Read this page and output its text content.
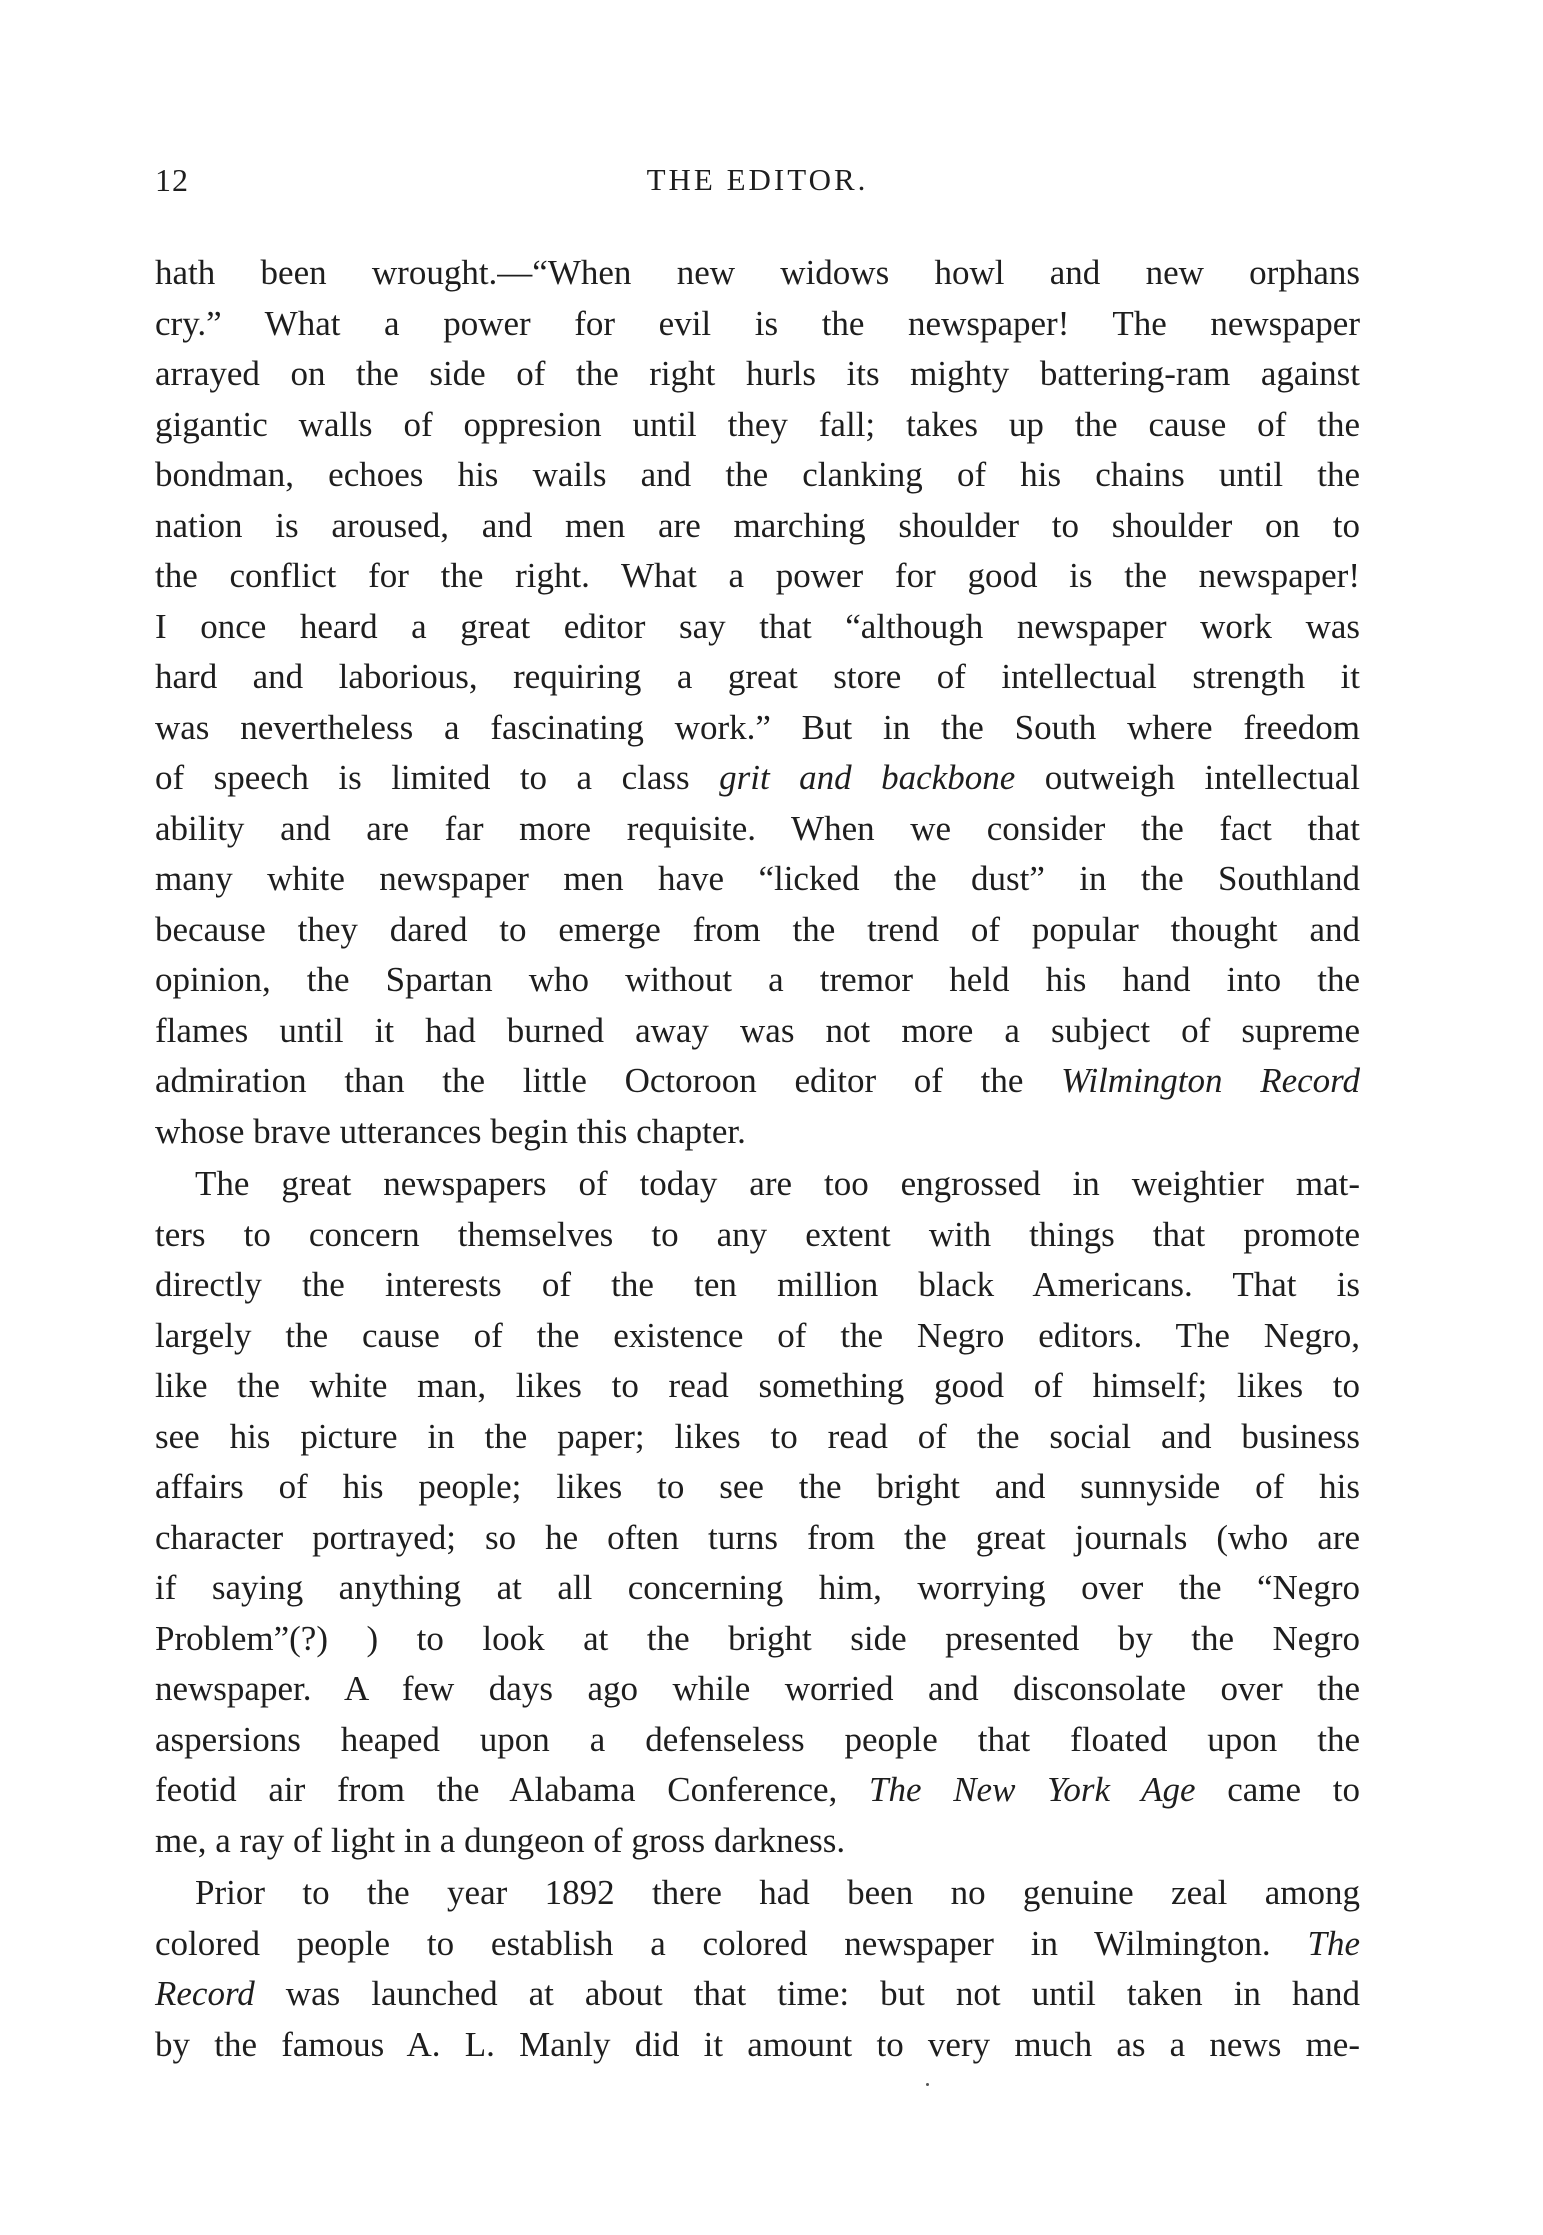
12	THE EDITOR.
hath been wrought.—“When new widows howl and new orphans
cry.” What a power for evil is the newspaper! The newspaper
arrayed on the side of the right hurls its mighty battering-ram against
gigantic walls of oppresion until they fall; takes up the cause of the
bondman, echoes his wails and the clanking of his chains until the
nation is aroused, and men are marching shoulder to shoulder on to
the conflict for the right. What a power for good is the newspaper!
I once heard a great editor say that “although newspaper work was
hard and laborious, requiring a great store of intellectual strength it
was nevertheless a fascinating work.” But in the South where freedom
of speech is limited to a class grit and backbone outweigh intellectual
ability and are far more requisite. When we consider the fact that
many white newspaper men have “licked the dust” in the Southland
because they dared to emerge from the trend of popular thought and
opinion, the Spartan who without a tremor held his hand into the
flames until it had burned away was not more a subject of supreme
admiration than the little Octoroon editor of the Wilmington Record
whose brave utterances begin this chapter.
The great newspapers of today are too engrossed in weightier mat-
ters to concern themselves to any extent with things that promote
directly the interests of the ten million black Americans. That is
largely the cause of the existence of the Negro editors. The Negro,
like the white man, likes to read something good of himself; likes to
see his picture in the paper; likes to read of the social and business
affairs of his people; likes to see the bright and sunnyside of his
character portrayed; so he often turns from the great journals (who are
if saying anything at all concerning him, worrying over the “Negro
Problem”(?) ) to look at the bright side presented by the Negro
newspaper. A few days ago while worried and disconsolate over the
aspersions heaped upon a defenseless people that floated upon the
feotid air from the Alabama Conference, The New York Age came to
me, a ray of light in a dungeon of gross darkness.
Prior to the year 1892 there had been no genuine zeal among
colored people to establish a colored newspaper in Wilmington. The
Record was launched at about that time: but not until taken in hand
by the famous A. L. Manly did it amount to very much as a news me-
